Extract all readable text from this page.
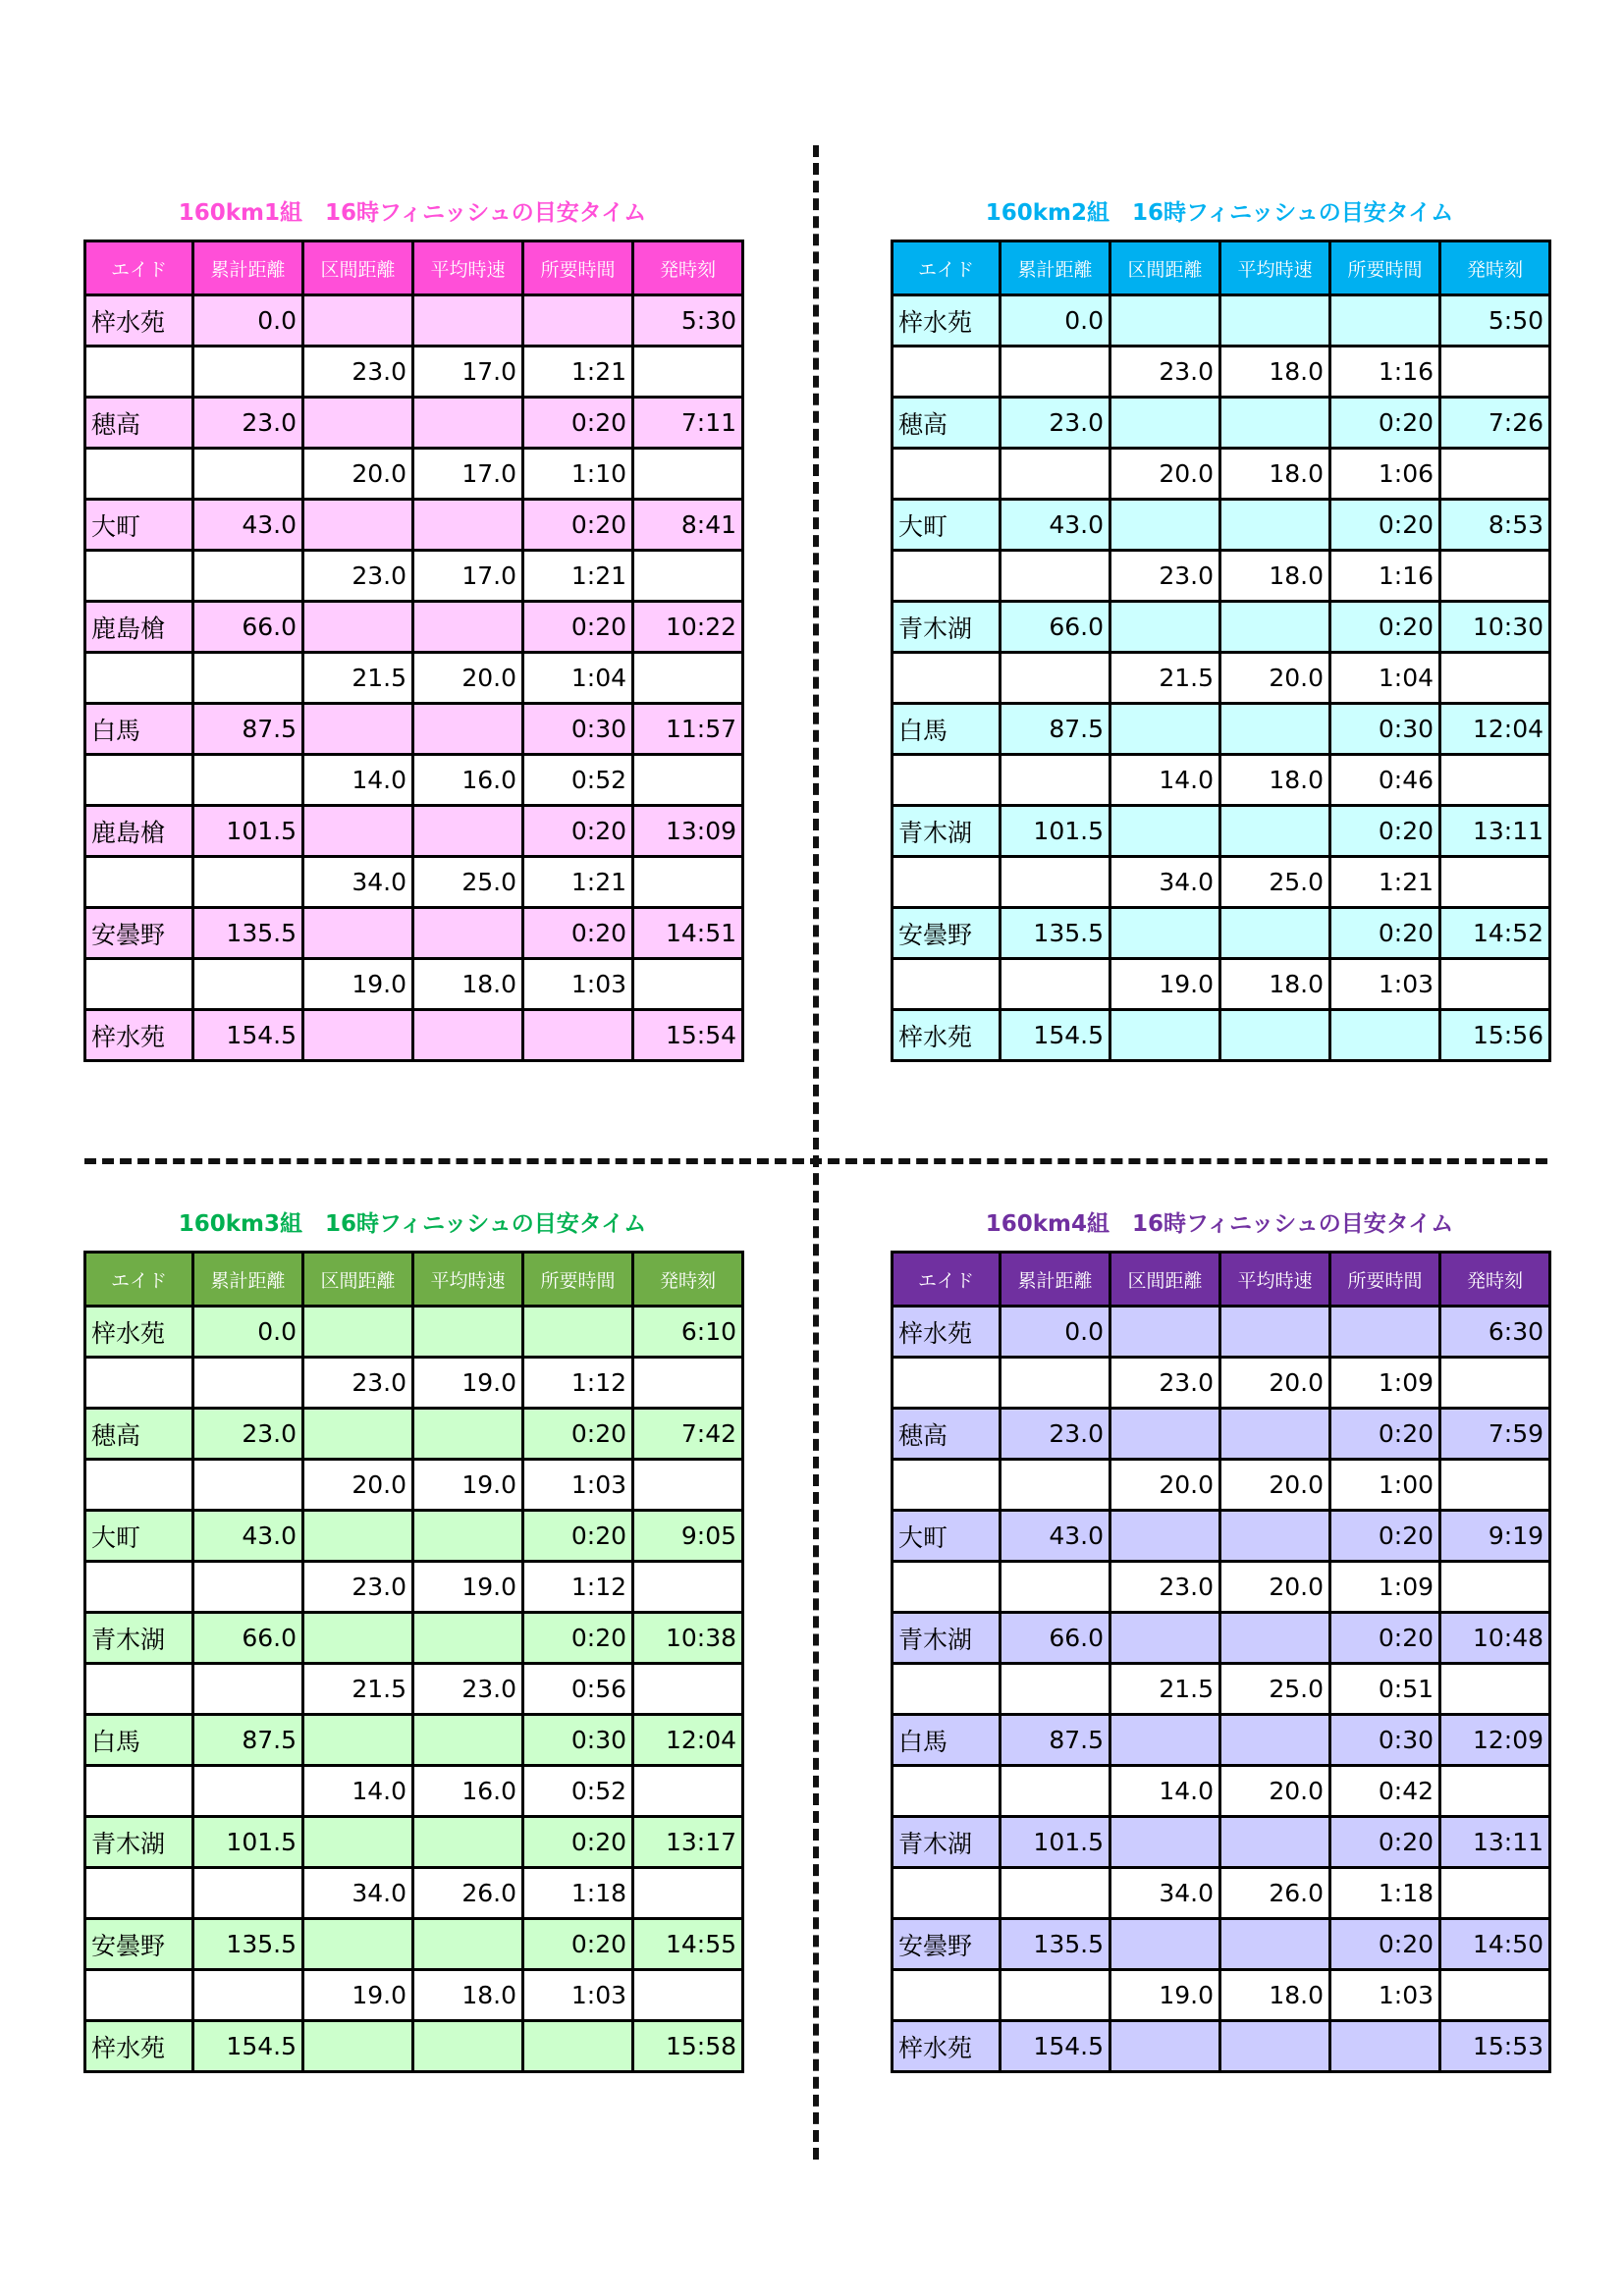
160km1組　16時フィニッシュの目安タイム
エイド	累計距離	区間距離	平均時速	所要時間	発時刻
梓水苑	0.0				5:30
		23.0	17.0	1:21	
穂高	23.0			0:20	7:11
		20.0	17.0	1:10	
大町	43.0			0:20	8:41
		23.0	17.0	1:21	
鹿島槍	66.0			0:20	10:22
		21.5	20.0	1:04	
白馬	87.5			0:30	11:57
		14.0	16.0	0:52	
鹿島槍	101.5			0:20	13:09
		34.0	25.0	1:21	
安曇野	135.5			0:20	14:51
		19.0	18.0	1:03	
梓水苑	154.5				15:54
160km2組　16時フィニッシュの目安タイム
エイド	累計距離	区間距離	平均時速	所要時間	発時刻
梓水苑	0.0				5:50
		23.0	18.0	1:16	
穂高	23.0			0:20	7:26
		20.0	18.0	1:06	
大町	43.0			0:20	8:53
		23.0	18.0	1:16	
青木湖	66.0			0:20	10:30
		21.5	20.0	1:04	
白馬	87.5			0:30	12:04
		14.0	18.0	0:46	
青木湖	101.5			0:20	13:11
		34.0	25.0	1:21	
安曇野	135.5			0:20	14:52
		19.0	18.0	1:03	
梓水苑	154.5				15:56
160km3組　16時フィニッシュの目安タイム
エイド	累計距離	区間距離	平均時速	所要時間	発時刻
梓水苑	0.0				6:10
		23.0	19.0	1:12	
穂高	23.0			0:20	7:42
		20.0	19.0	1:03	
大町	43.0			0:20	9:05
		23.0	19.0	1:12	
青木湖	66.0			0:20	10:38
		21.5	23.0	0:56	
白馬	87.5			0:30	12:04
		14.0	16.0	0:52	
青木湖	101.5			0:20	13:17
		34.0	26.0	1:18	
安曇野	135.5			0:20	14:55
		19.0	18.0	1:03	
梓水苑	154.5				15:58
160km4組　16時フィニッシュの目安タイム
エイド	累計距離	区間距離	平均時速	所要時間	発時刻
梓水苑	0.0				6:30
		23.0	20.0	1:09	
穂高	23.0			0:20	7:59
		20.0	20.0	1:00	
大町	43.0			0:20	9:19
		23.0	20.0	1:09	
青木湖	66.0			0:20	10:48
		21.5	25.0	0:51	
白馬	87.5			0:30	12:09
		14.0	20.0	0:42	
青木湖	101.5			0:20	13:11
		34.0	26.0	1:18	
安曇野	135.5			0:20	14:50
		19.0	18.0	1:03	
梓水苑	154.5				15:53
